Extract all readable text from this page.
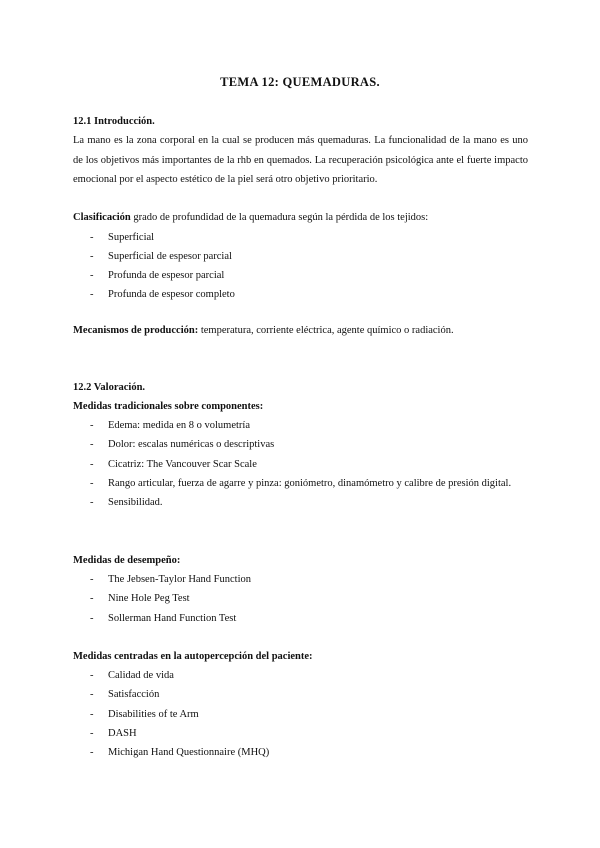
TEMA 12: QUEMADURAS.
12.1 Introducción.
La mano es la zona corporal en la cual se producen más quemaduras. La funcionalidad de la mano es uno de los objetivos más importantes de la rhb en quemados. La recuperación psicológica ante el fuerte impacto emocional por el aspecto estético de la piel será otro objetivo prioritario.
Clasificación grado de profundidad de la quemadura según la pérdida de los tejidos:
- Superficial
- Superficial de espesor parcial
- Profunda de espesor parcial
- Profunda de espesor completo
Mecanismos de producción: temperatura, corriente eléctrica, agente químico o radiación.
12.2 Valoración.
Medidas tradicionales sobre componentes:
- Edema: medida en 8 o volumetría
- Dolor: escalas numéricas o descriptivas
- Cicatriz: The Vancouver Scar Scale
- Rango articular, fuerza de agarre y pinza: goniómetro, dinamómetro y calibre de presión digital.
- Sensibilidad.
Medidas de desempeño:
- The Jebsen-Taylor Hand Function
- Nine Hole Peg Test
- Sollerman Hand Function Test
Medidas centradas en la autopercepción del paciente:
- Calidad de vida
- Satisfacción
- Disabilities of te Arm
- DASH
- Michigan Hand Questionnaire (MHQ)
